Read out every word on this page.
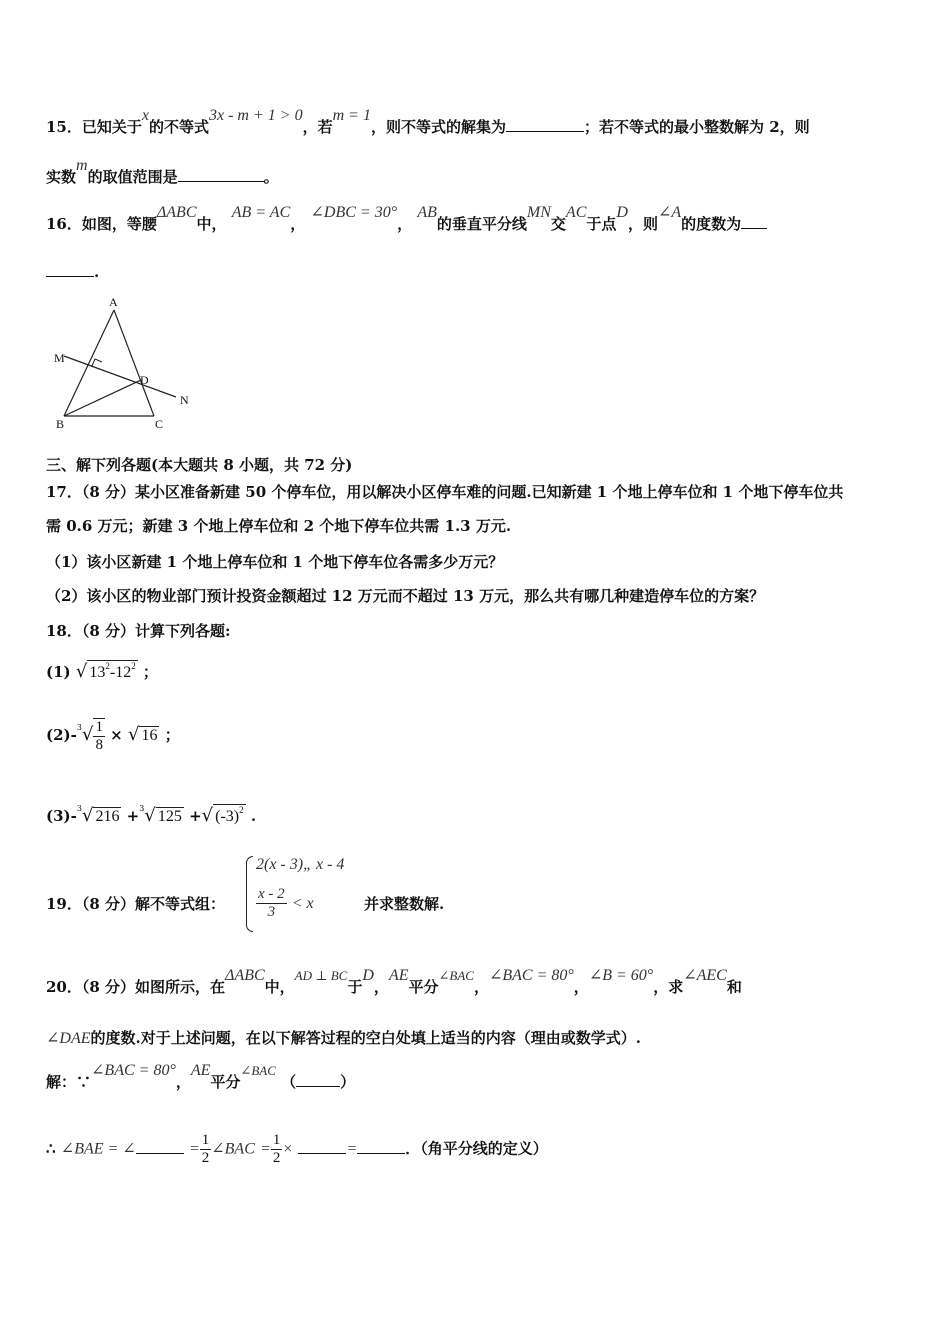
15．已知关于x的不等式3x - m + 1 > 0，若m = 1，则不等式的解集为	；若不等式的最小整数解为 2，则
实数m的取值范围是	。
16．如图，等腰ΔABC中， AB = AC， ∠DBC = 30°， AB的垂直平分线MN交AC于点D，则∠A的度数为
.
A
M
D
N
B	C
三、解下列各题(本大题共 8 小题，共 72 分)
17．（8 分）某小区准备新建 50 个停车位，用以解决小区停车难的问题.已知新建 1 个地上停车位和 1 个地下停车位共
需 0.6 万元；新建 3 个地上停车位和 2 个地下停车位共需 1.3 万元.
（1）该小区新建 1 个地上停车位和 1 个地下停车位各需多少万元？
（2）该小区的物业部门预计投资金额超过 12 万元而不超过 13 万元，那么共有哪几种建造停车位的方案？
18．（8 分）计算下列各题:
(1) √ $13^2-12^2$ ；
$(2)-^3√ \frac{1}{8}$ × √ 16 ；
(3)-$^3$√ 216 +$^3$√ 125 +√ $(-3)^2$ .
2(x - 3)„ x - 4
$\frac{x - 2}{3} < x$
19．（8 分）解不等式组：	并求整数解.
20．（8 分）如图所示，在ΔABC中，AD ⊥ BC于D，AE平分∠BAC，∠BAC = 80°，∠B = 60°，求∠AEC和
∠DAE的度数.对于上述问题，在以下解答过程的空白处填上适当的内容（理由或数学式）.
解：∵∠BAC = 80°，AE平分∠BAC （	）
∴ ∠BAE = ∠	= $\frac{1}{2}$ ∠BAC = $\frac{1}{2}$ ×	=	．（角平分线的定义）
